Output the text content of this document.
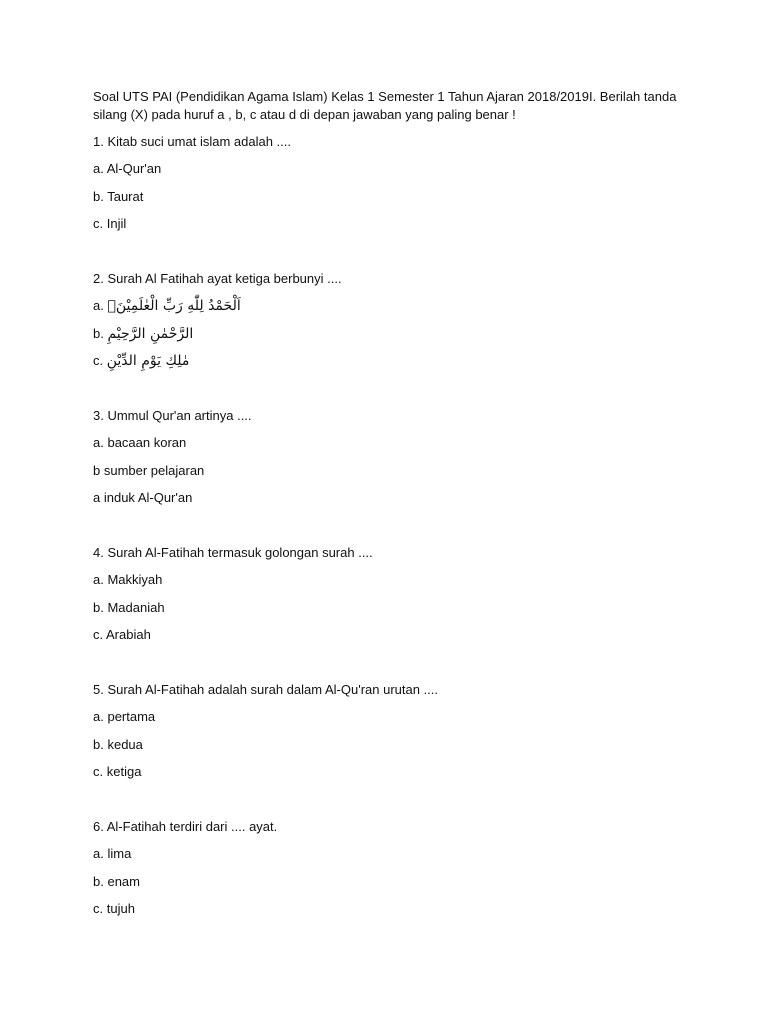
Soal UTS PAI (Pendidikan Agama Islam) Kelas 1 Semester 1 Tahun Ajaran 2018/2019I. Berilah tanda silang (X) pada huruf a , b, c atau d di depan jawaban yang paling benar !
1. Kitab suci umat islam adalah ....
a. Al-Qur'an
b. Taurat
c. Injil
2. Surah Al Fatihah ayat ketiga berbunyi ....
a. اَلْحَمْدُ لِلّٰهِ رَبِّ الْعٰلَمِيْنَۙ
b. الرَّحْمٰنِ الرَّحِيْمِ
c. مٰلِكِ يَوْمِ الدِّيْنِ
3. Ummul Qur'an artinya ....
a. bacaan koran
b sumber pelajaran
a induk Al-Qur'an
4. Surah Al-Fatihah termasuk golongan surah ....
a. Makkiyah
b. Madaniah
c. Arabiah
5. Surah Al-Fatihah adalah surah dalam Al-Qu'ran urutan ....
a. pertama
b. kedua
c. ketiga
6. Al-Fatihah terdiri dari .... ayat.
a. lima
b. enam
c. tujuh
